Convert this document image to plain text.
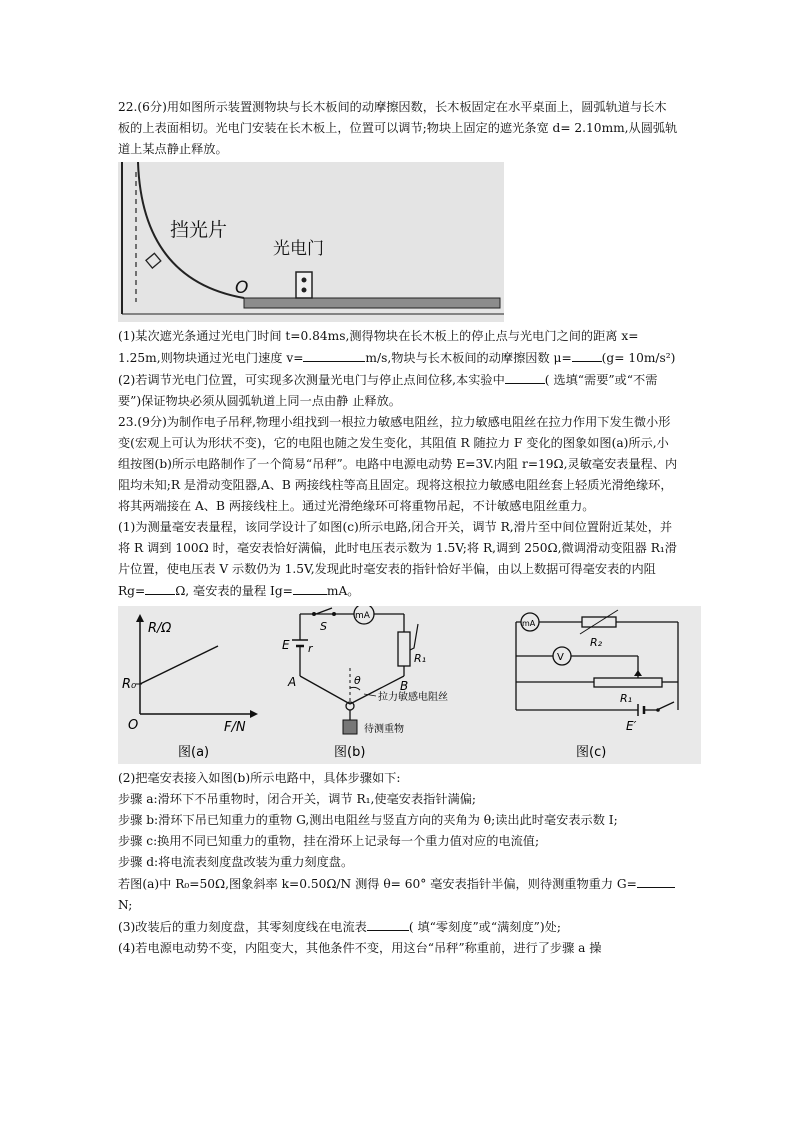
22.(6分)用如图所示装置测物块与长木板间的动摩擦因数，长木板固定在水平桌面上，圆弧轨道与长木板的上表面相切。光电门安装在长木板上，位置可以调节;物块上固定的遮光条宽 d= 2.10mm,从圆弧轨道上某点静止释放。

挡光片
光电门
O

(1)某次遮光条通过光电门时间 t=0.84ms,测得物块在长木板上的停止点与光电门之间的距离 x= 1.25m,则物块通过光电门速度 v=	m/s,物块与长木板间的动摩擦因数 μ= (g= 10m/s²)

(2)若调节光电门位置，可实现多次测量光电门与停止点间位移,本实验中	( 选填“需要”或“不需要”)保证物块必须从圆弧轨道上同一点由静 止释放。

23.(9分)为制作电子吊秤,物理小组找到一根拉力敏感电阻丝，拉力敏感电阻丝在拉力作用下发生微小形变(宏观上可认为形状不变)，它的电阻也随之发生变化，其阻值 R 随拉力 F 变化的图象如图(a)所示,小组按图(b)所示电路制作了一个简易“吊秤”。电路中电源电动势 E=3V.内阻 r=19Ω,灵敏毫安表量程、内阻均未知;R 是滑动变阻器,A、B 两接线柱等高且固定。现将这根拉力敏感电阻丝套上轻质光滑绝缘环，将其两端接在 A、B 两接线柱上。通过光滑绝缘环可将重物吊起，不计敏感电阻丝重力。

(1)为测量毫安表量程，该同学设计了如图(c)所示电路,闭合开关，调节 R,滑片至中间位置附近某处，并将 R 调到 100Ω 时，毫安表恰好满偏，此时电压表示数为 1.5V;将 R,调到 250Ω,微调滑动变阻器 R₁滑片位置，使电压表 V 示数仍为 1.5V,发现此时毫安表的指针恰好半偏，由以上数据可得毫安表的内阻 Rg= Ω, 毫安表的量程 Ig=	mA。

R/Ω
R₀
O	F/N
图(a)
S
mA
E r
A
R₁
B
θ
拉力敏感电阻丝
待测重物
图(b)
mA
R₂
V
R₁
E′
图(c)

(2)把毫安表接入如图(b)所示电路中，具体步骤如下:

步骤 a:滑环下不吊重物时，闭合开关，调节 R₁,使毫安表指针满偏;

步骤 b:滑环下吊已知重力的重物 G,测出电阻丝与竖直方向的夹角为 θ;读出此时毫安表示数 I;

步骤 c:换用不同已知重力的重物，挂在滑环上记录每一个重力值对应的电流值;

步骤 d:将电流表刻度盘改装为重力刻度盘。

若图(a)中 R₀=50Ω,图象斜率 k=0.50Ω/N 测得 θ= 60° 毫安表指针半偏，则待测重物重力 G=N;

(3)改装后的重力刻度盘，其零刻度线在电流表	( 填“零刻度”或“满刻度”)处;

(4)若电源电动势不变，内阻变大，其他条件不变，用这台“吊秤”称重前，进行了步骤 a 操
